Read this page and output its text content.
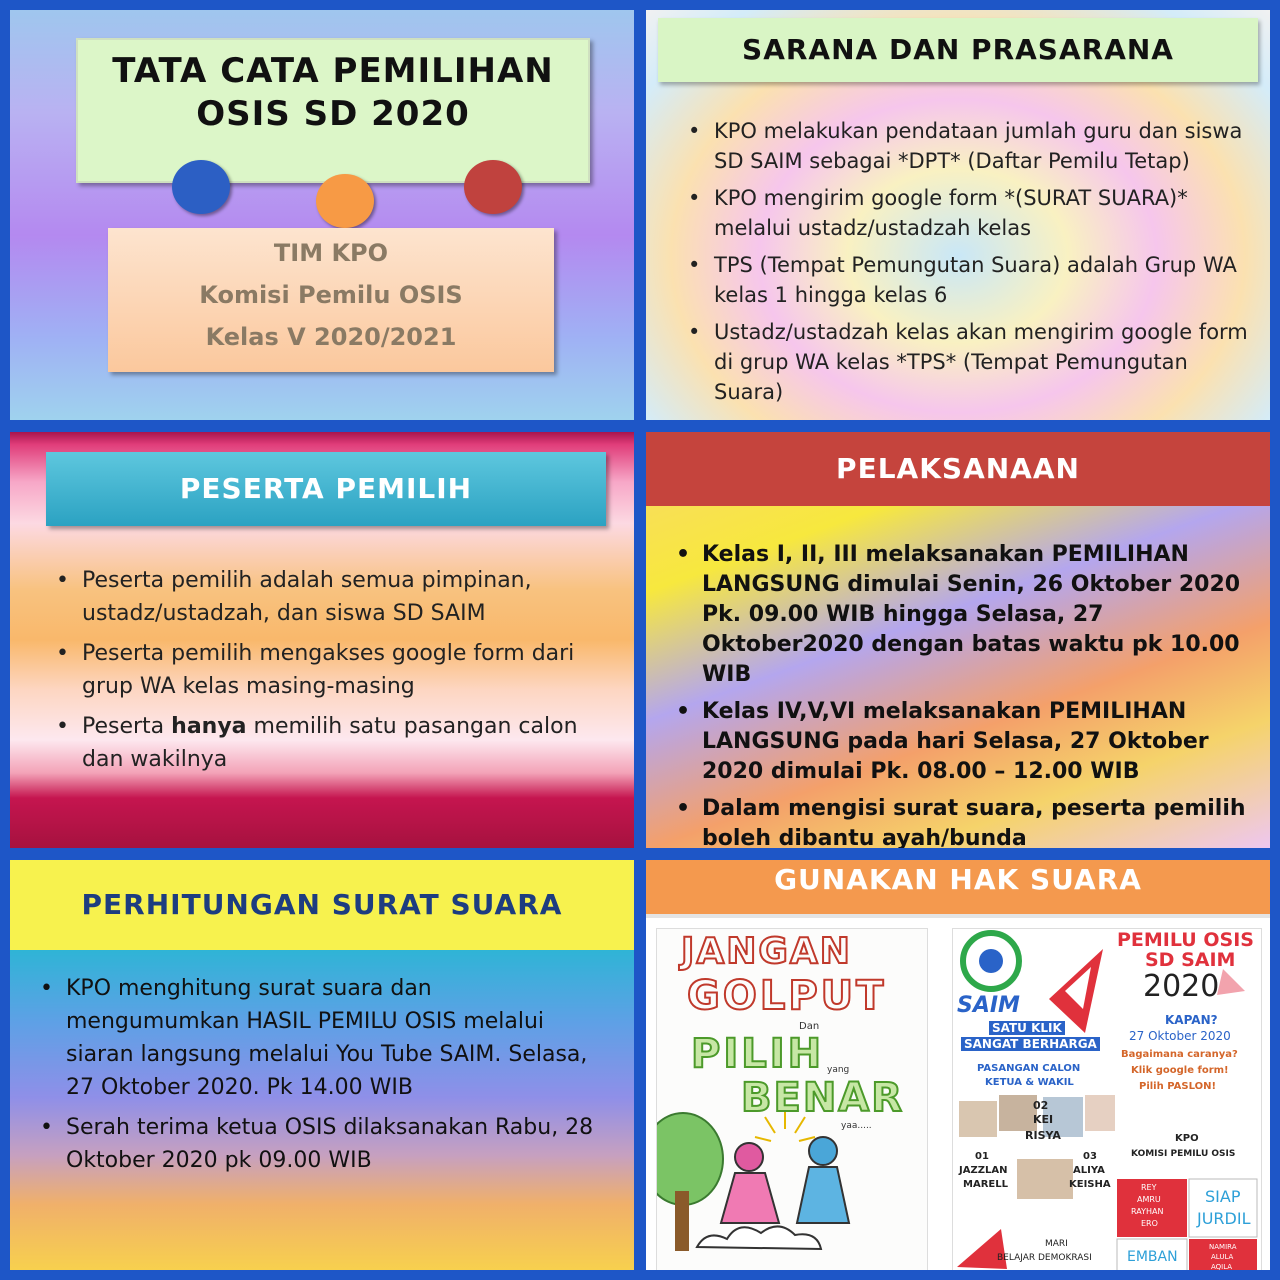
TATA CATA PEMILIHAN
OSIS SD 2020
TIM KPO
Komisi Pemilu OSIS
Kelas V 2020/2021
SARANA DAN PRASARANA
• KPO melakukan pendataan jumlah guru dan siswa SD SAIM sebagai *DPT* (Daftar Pemilu Tetap)
• KPO mengirim google form *(SURAT SUARA)* melalui ustadz/ustadzah kelas
• TPS (Tempat Pemungutan Suara) adalah Grup WA kelas 1 hingga kelas 6
• Ustadz/ustadzah kelas akan mengirim google form di grup WA kelas *TPS* (Tempat Pemungutan Suara)
PESERTA PEMILIH
• Peserta pemilih adalah semua pimpinan, ustadz/ustadzah, dan siswa SD SAIM
• Peserta pemilih mengakses google form dari grup WA kelas masing-masing
• Peserta hanya memilih satu pasangan calon dan wakilnya
PELAKSANAAN
• Kelas I, II, III melaksanakan PEMILIHAN LANGSUNG dimulai Senin, 26 Oktober 2020 Pk. 09.00 WIB hingga Selasa, 27 Oktober2020 dengan batas waktu pk 10.00 WIB
• Kelas IV,V,VI melaksanakan PEMILIHAN LANGSUNG pada hari Selasa, 27 Oktober 2020 dimulai Pk. 08.00 – 12.00 WIB
• Dalam mengisi surat suara, peserta pemilih boleh dibantu ayah/bunda
PERHITUNGAN SURAT SUARA
• KPO menghitung surat suara dan mengumumkan HASIL PEMILU OSIS melalui siaran langsung melalui You Tube SAIM. Selasa, 27 Oktober 2020. Pk 14.00 WIB
• Serah terima ketua OSIS dilaksanakan Rabu, 28 Oktober 2020 pk 09.00 WIB
GUNAKAN HAK SUARA
JANGAN
GOLPUT
Dan
PILIH yang
BENAR
yaa.....
SAIM
PEMILU OSIS
SD SAIM
2020
SATU KLIK
SANGAT BERHARGA
KAPAN?
27 Oktober 2020
Bagaimana caranya?
Klik google form!
Pilih PASLON!
PASANGAN CALON
KETUA & WAKIL
02
KEI
RISYA
01
JAZZLAN
MARELL
03
ALIYA
KEISHA
KPO
KOMISI PEMILU OSIS
MARI
BELAJAR DEMOKRASI
REY
AMRU
RAYHAN
ERO
SIAP
JURDIL
EMBAN
NAMIRA
ALULA
AQILA
